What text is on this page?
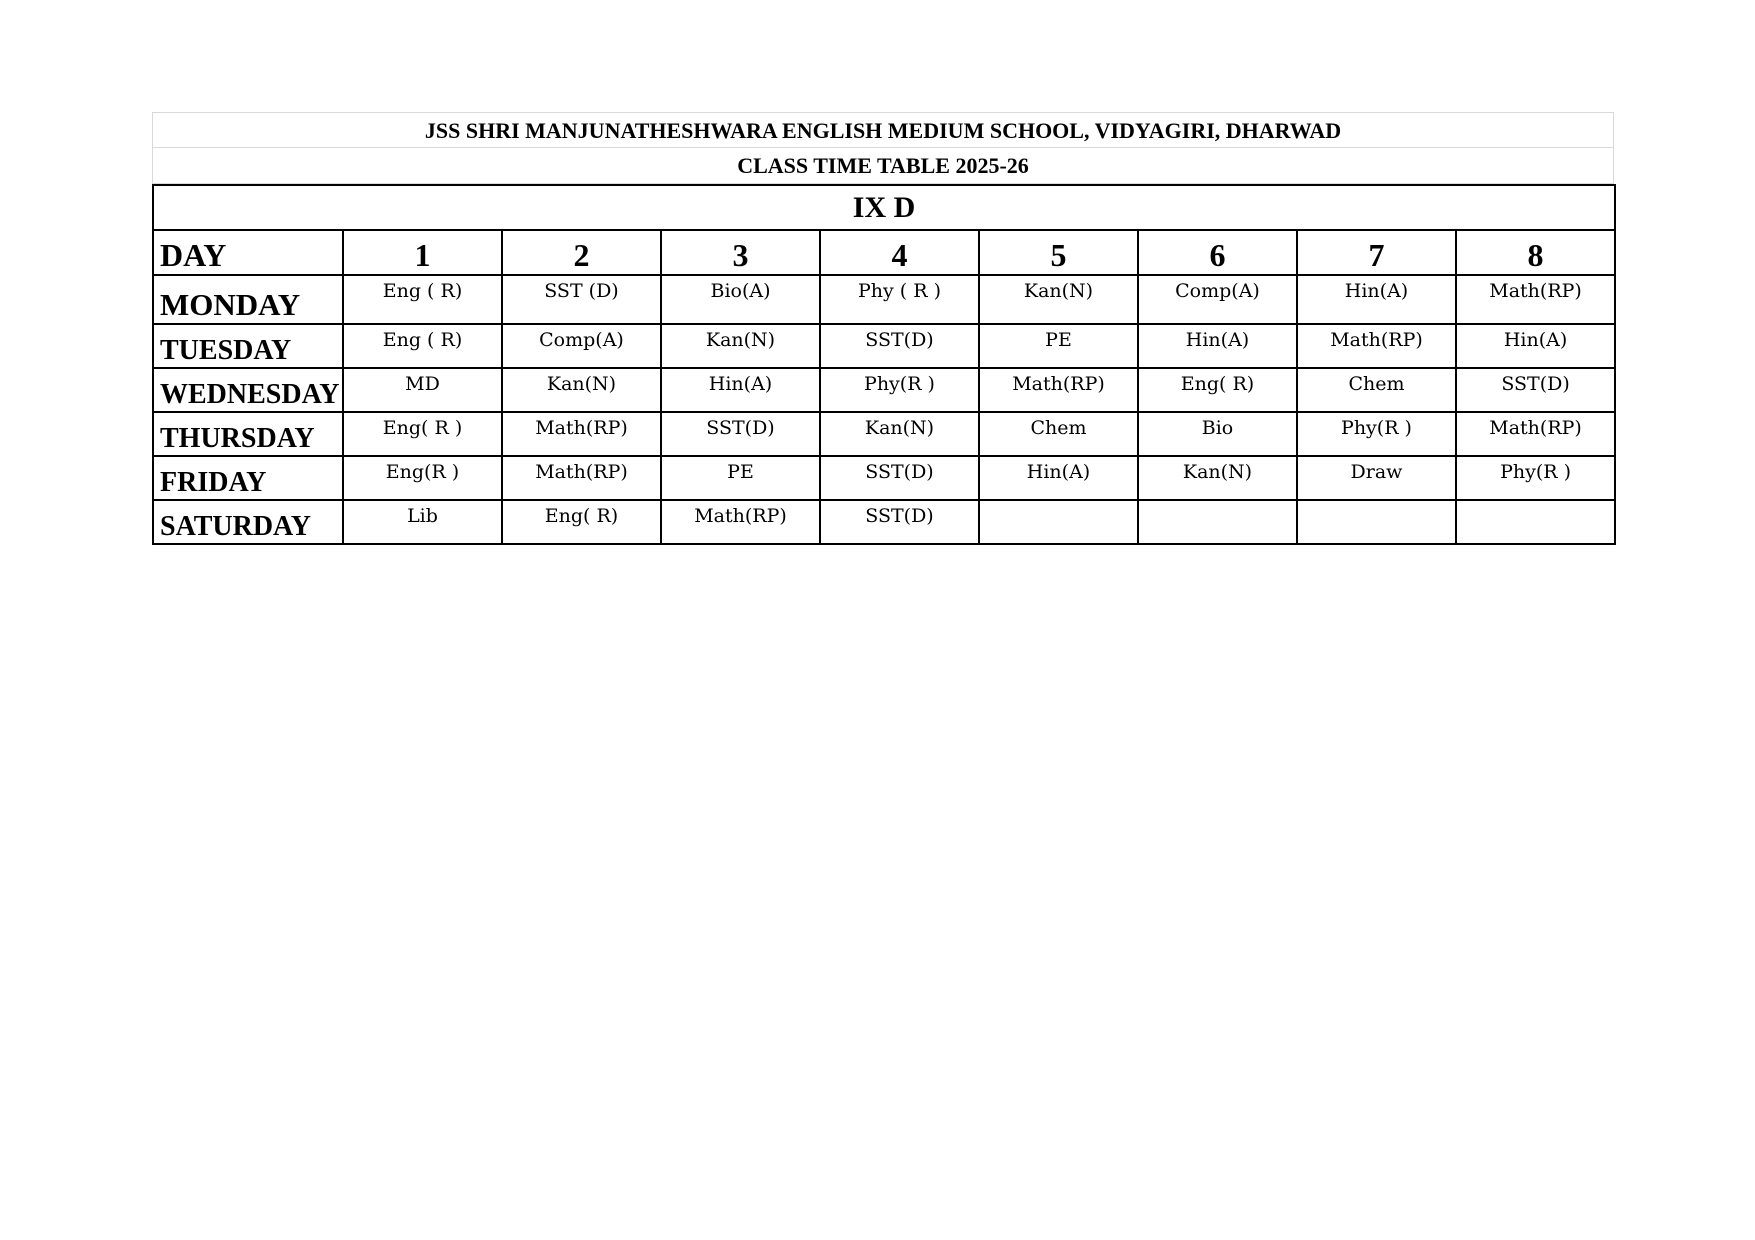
JSS SHRI MANJUNATHESHWARA ENGLISH MEDIUM SCHOOL, VIDYAGIRI, DHARWAD
CLASS TIME TABLE 2025-26
IX D								
DAY	1	2	3	4	5	6	7	8
MONDAY	Eng ( R)	SST (D)	Bio(A)	Phy ( R )	Kan(N)	Comp(A)	Hin(A)	Math(RP)
TUESDAY	Eng ( R)	Comp(A)	Kan(N)	SST(D)	PE	Hin(A)	Math(RP)	Hin(A)
WEDNESDAY	MD	Kan(N)	Hin(A)	Phy(R )	Math(RP)	Eng( R)	Chem	SST(D)
THURSDAY	Eng( R )	Math(RP)	SST(D)	Kan(N)	Chem	Bio	Phy(R )	Math(RP)
FRIDAY	Eng(R )	Math(RP)	PE	SST(D)	Hin(A)	Kan(N)	Draw	Phy(R )
SATURDAY	Lib	Eng( R)	Math(RP)	SST(D)				
